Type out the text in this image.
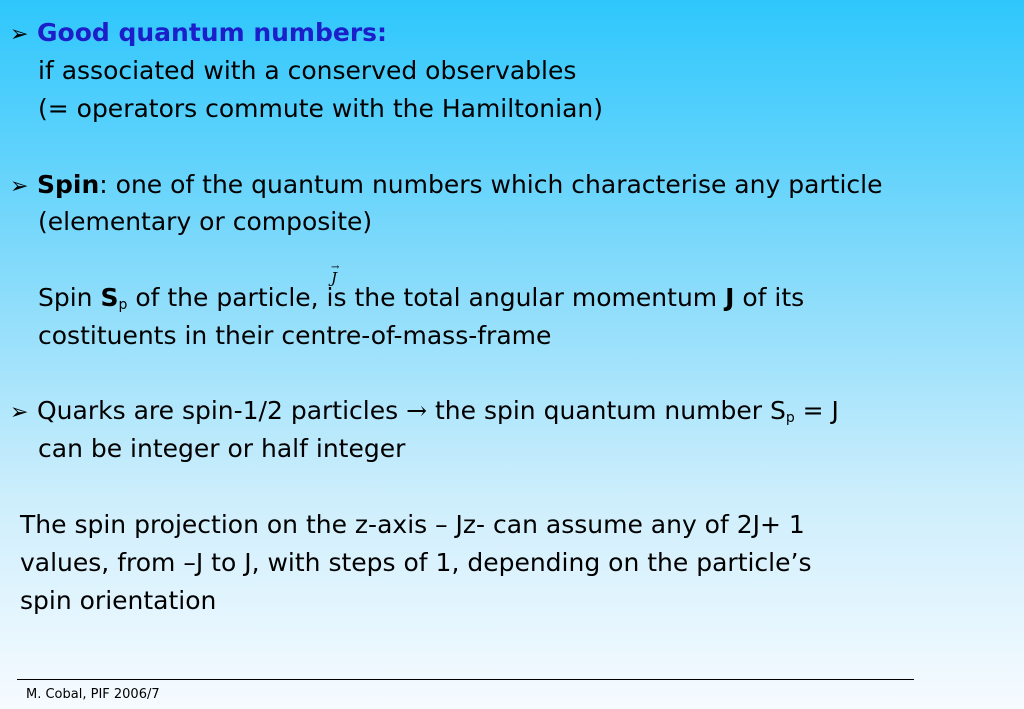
➢ Good quantum numbers:
if associated with a conserved observables
(= operators commute with the Hamiltonian)
➢ Spin: one of the quantum numbers which characterise any particle
(elementary or composite)
→
J
Spin $S_p$ of the particle, is the total angular momentum J of its
costituents in their centre-of-mass-frame
➢ Quarks are spin-1/2 particles → the spin quantum number $S_p = J$
can be integer or half integer
The spin projection on the z-axis – Jz- can assume any of 2J+ 1
values, from –J to J, with steps of 1, depending on the particle’s
spin orientation
M. Cobal, PIF 2006/7
